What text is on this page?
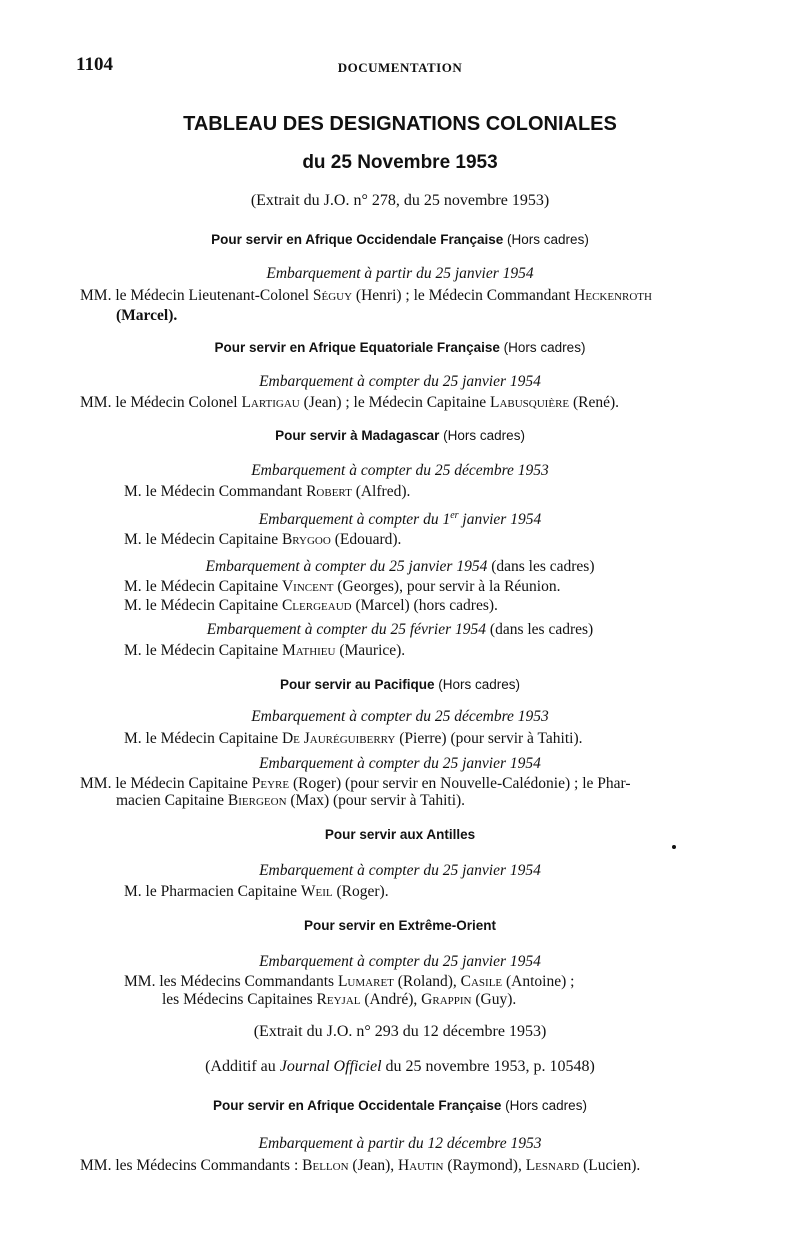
1104	DOCUMENTATION
TABLEAU DES DESIGNATIONS COLONIALES
du 25 Novembre 1953
(Extrait du J.O. n° 278, du 25 novembre 1953)
Pour servir en Afrique Occidendale Française (Hors cadres)
Embarquement à partir du 25 janvier 1954
MM. le Médecin Lieutenant-Colonel Séguy (Henri) ; le Médecin Commandant Heckenroth
(Marcel).
Pour servir en Afrique Equatoriale Française (Hors cadres)
Embarquement à compter du 25 janvier 1954
MM. le Médecin Colonel Lartigau (Jean) ; le Médecin Capitaine Labusquière (René).
Pour servir à Madagascar (Hors cadres)
Embarquement à compter du 25 décembre 1953
M. le Médecin Commandant Robert (Alfred).
Embarquement à compter du 1er janvier 1954
M. le Médecin Capitaine Brygoo (Edouard).
Embarquement à compter du 25 janvier 1954 (dans les cadres)
M. le Médecin Capitaine Vincent (Georges), pour servir à la Réunion.
M. le Médecin Capitaine Clergeaud (Marcel) (hors cadres).
Embarquement à compter du 25 février 1954 (dans les cadres)
M. le Médecin Capitaine Mathieu (Maurice).
Pour servir au Pacifique (Hors cadres)
Embarquement à compter du 25 décembre 1953
M. le Médecin Capitaine De Jauréguiberry (Pierre) (pour servir à Tahiti).
Embarquement à compter du 25 janvier 1954
MM. le Médecin Capitaine Peyre (Roger) (pour servir en Nouvelle-Calédonie) ; le Phar-
macien Capitaine Biergeon (Max) (pour servir à Tahiti).
Pour servir aux Antilles
Embarquement à compter du 25 janvier 1954
M. le Pharmacien Capitaine Weil (Roger).
Pour servir en Extrême-Orient
Embarquement à compter du 25 janvier 1954
MM. les Médecins Commandants Lumaret (Roland), Casile (Antoine) ;
les Médecins Capitaines Reyjal (André), Grappin (Guy).
(Extrait du J.O. n° 293 du 12 décembre 1953)
(Additif au Journal Officiel du 25 novembre 1953, p. 10548)
Pour servir en Afrique Occidentale Française (Hors cadres)
Embarquement à partir du 12 décembre 1953
MM. les Médecins Commandants : Bellon (Jean), Hautin (Raymond), Lesnard (Lucien).
